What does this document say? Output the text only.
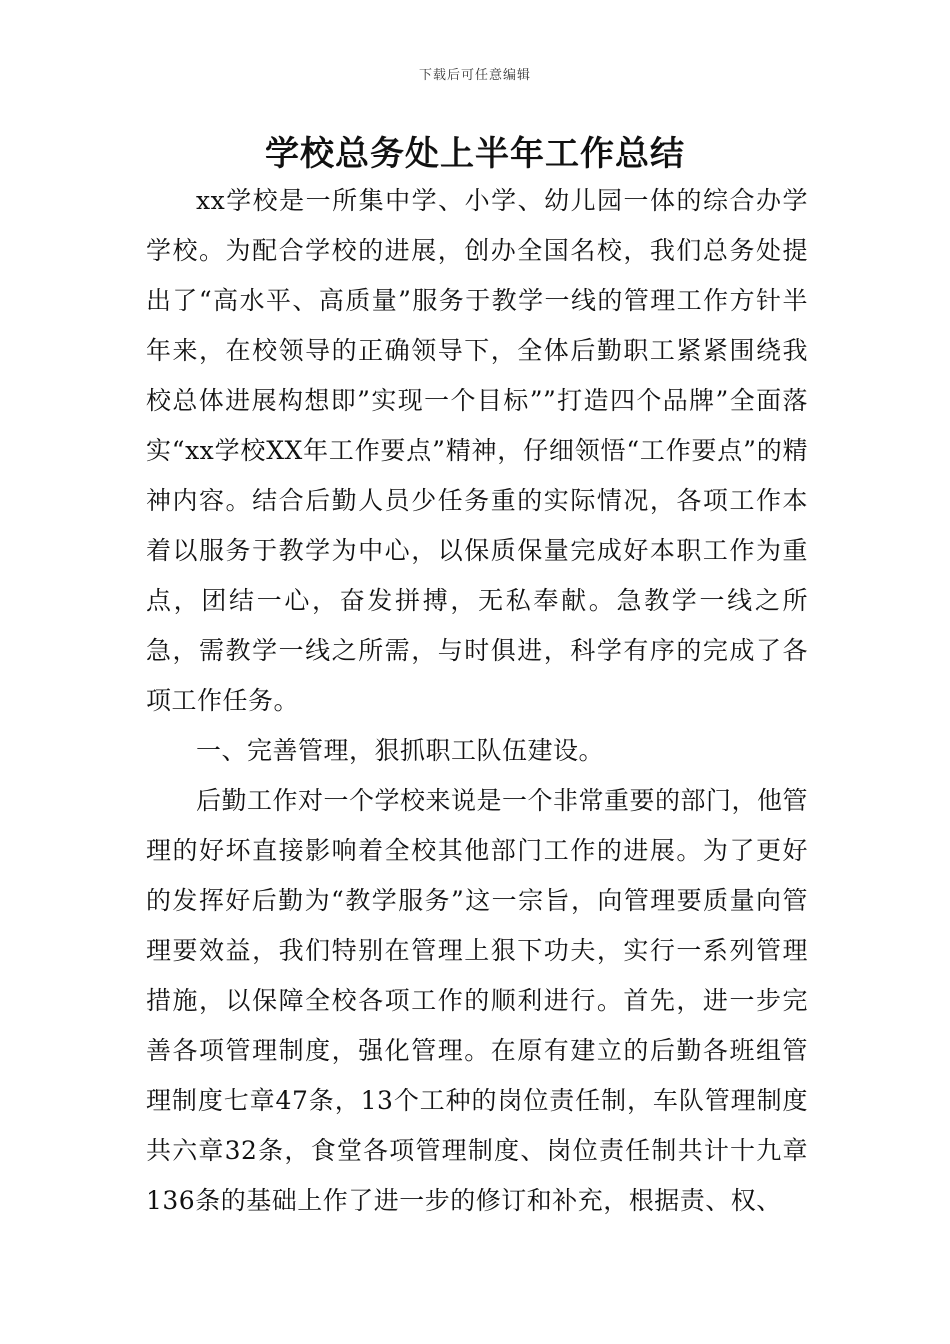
下载后可任意编辑
学校总务处上半年工作总结

xx学校是一所集中学、小学、幼儿园一体的综合办学学校。为配合学校的进展，创办全国名校，我们总务处提出了“高水平、高质量”服务于教学一线的管理工作方针半年来，在校领导的正确领导下，全体后勤职工紧紧围绕我校总体进展构想即”实现一个目标””打造四个品牌”全面落实“xx学校XX年工作要点”精神，仔细领悟“工作要点”的精神内容。结合后勤人员少任务重的实际情况，各项工作本着以服务于教学为中心，以保质保量完成好本职工作为重点，团结一心，奋发拼搏，无私奉献。急教学一线之所急，需教学一线之所需，与时俱进，科学有序的完成了各项工作任务。

一、完善管理，狠抓职工队伍建设。

后勤工作对一个学校来说是一个非常重要的部门，他管理的好坏直接影响着全校其他部门工作的进展。为了更好的发挥好后勤为“教学服务”这一宗旨，向管理要质量向管理要效益，我们特别在管理上狠下功夫，实行一系列管理措施，以保障全校各项工作的顺利进行。首先，进一步完善各项管理制度，强化管理。在原有建立的后勤各班组管理制度七章47条，13个工种的岗位责任制，车队管理制度共六章32条，食堂各项管理制度、岗位责任制共计十九章136条的基础上作了进一步的修订和补充，根据责、权、
